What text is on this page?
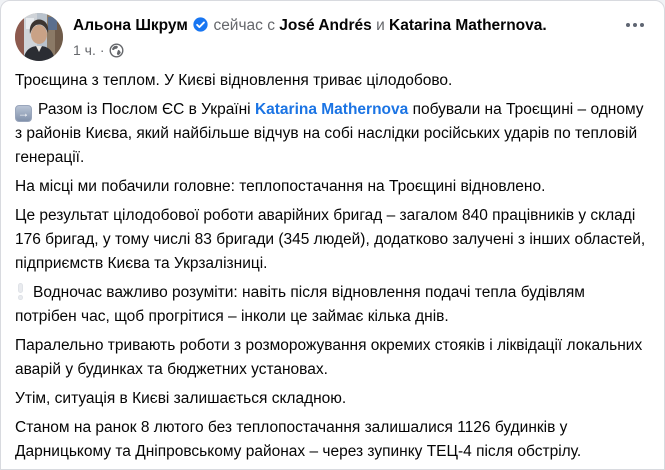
Альона Шкрум сейчас с José Andrés и Katarina Mathernova.
1 ч. ·

Троєщина з теплом. У Києві відновлення триває цілодобово.

→ Разом із Послом ЄС в Україні Katarina Mathernova побували на Троєщині – одному з районів Києва, який найбільше відчув на собі наслідки російських ударів по тепловій генерації.

На місці ми побачили головне: теплопостачання на Троєщині відновлено.

Це результат цілодобової роботи аварійних бригад – загалом 840 працівників у складі 176 бригад, у тому числі 83 бригади (345 людей), додатково залучені з інших областей, підприємств Києва та Укрзалізниці.

Водночас важливо розуміти: навіть після відновлення подачі тепла будівлям потрібен час, щоб прогрітися – інколи це займає кілька днів.

Паралельно тривають роботи з розморожування окремих стояків і ліквідації локальних аварій у будинках та бюджетних установах.

Утім, ситуація в Києві залишається складною.

Станом на ранок 8 лютого без теплопостачання залишалися 1126 будинків у Дарницькому та Дніпровському районах – через зупинку ТЕЦ-4 після обстрілу.
